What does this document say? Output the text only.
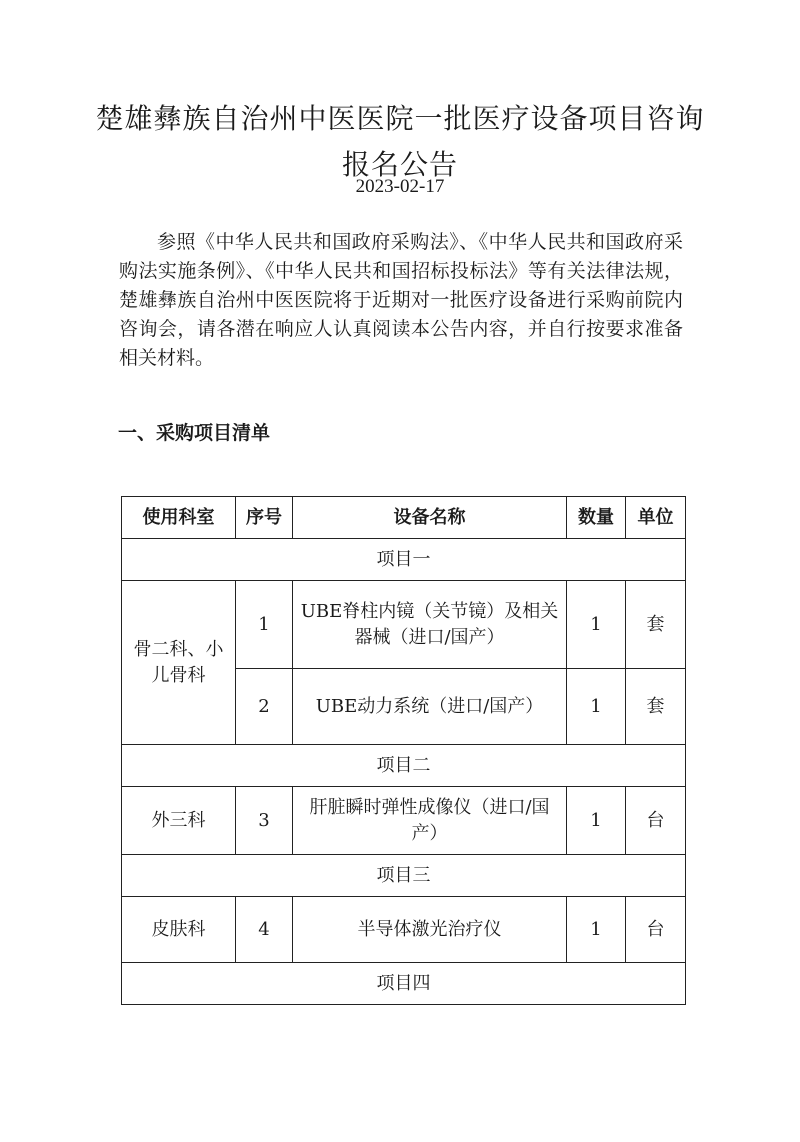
楚雄彝族自治州中医医院一批医疗设备项目咨询报名公告
2023-02-17
参照《中华人民共和国政府采购法》、《中华人民共和国政府采购法实施条例》、《中华人民共和国招标投标法》等有关法律法规，楚雄彝族自治州中医医院将于近期对一批医疗设备进行采购前院内咨询会，请各潜在响应人认真阅读本公告内容，并自行按要求准备相关材料。
一、采购项目清单
使用科室	序号	设备名称	数量	单位
项目一				
骨二科、小儿骨科	1	UBE脊柱内镜（关节镜）及相关器械（进口/国产）	1	套
	2	UBE动力系统（进口/国产）	1	套
项目二				
外三科	3	肝脏瞬时弹性成像仪（进口/国产）	1	台
项目三				
皮肤科	4	半导体激光治疗仪	1	台
项目四				
